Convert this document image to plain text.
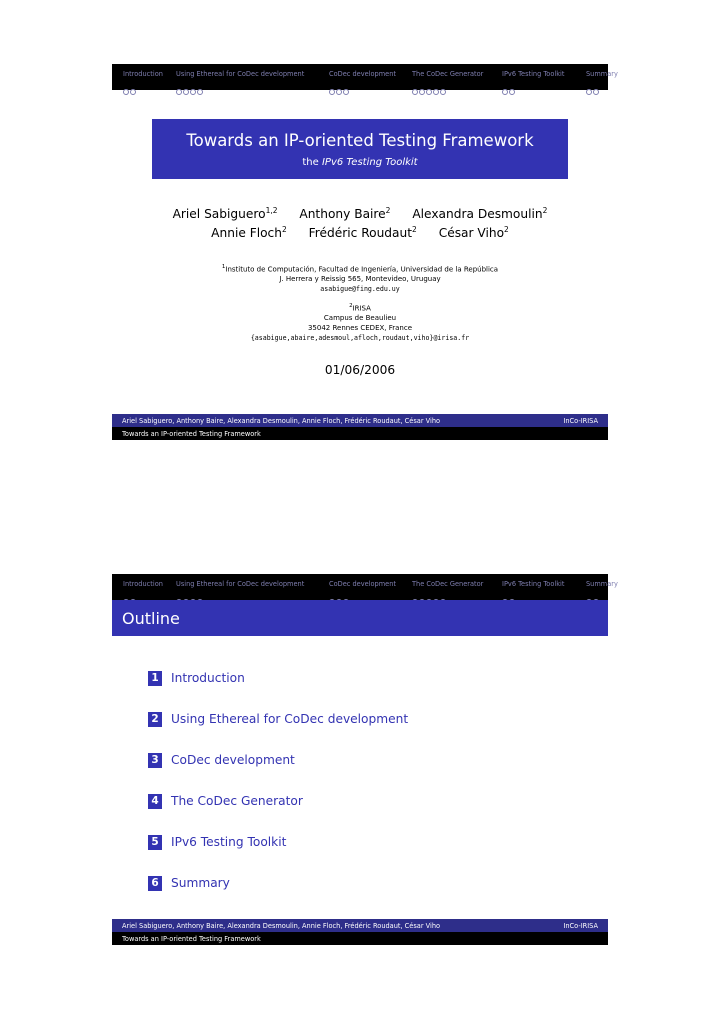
Introduction Using Ethereal for CoDec development	CoDec development The CoDec Generator	IPv6 Testing Toolkit	Summary
Towards an IP-oriented Testing Framework
the IPv6 Testing Toolkit
Ariel Sabiguero$^{1,2}$ Anthony Baire$^2$ Alexandra Desmoulin$^2$
Annie Floch$^2$ Frédéric Roudaut$^2$ César Viho$^2$
$^1$Instituto de Computación, Facultad de Ingeniería, Universidad de la República
J. Herrera y Reissig 565, Montevideo, Uruguay
asabigue@fing.edu.uy
$^2$IRISA
Campus de Beaulieu
35042 Rennes CEDEX, France
{asabigue,abaire,adesmoul,afloch,roudaut,viho}@irisa.fr
01/06/2006
Ariel Sabiguero, Anthony Baire, Alexandra Desmoulin, Annie Floch, Frédéric Roudaut, César Viho	InCo-IRISA
Towards an IP-oriented Testing Framework
Introduction Using Ethereal for CoDec development	CoDec development The CoDec Generator	IPv6 Testing Toolkit	Summary
Outline
1 Introduction
2 Using Ethereal for CoDec development
3 CoDec development
4 The CoDec Generator
5 IPv6 Testing Toolkit
6 Summary
Ariel Sabiguero, Anthony Baire, Alexandra Desmoulin, Annie Floch, Frédéric Roudaut, César Viho	InCo-IRISA
Towards an IP-oriented Testing Framework
